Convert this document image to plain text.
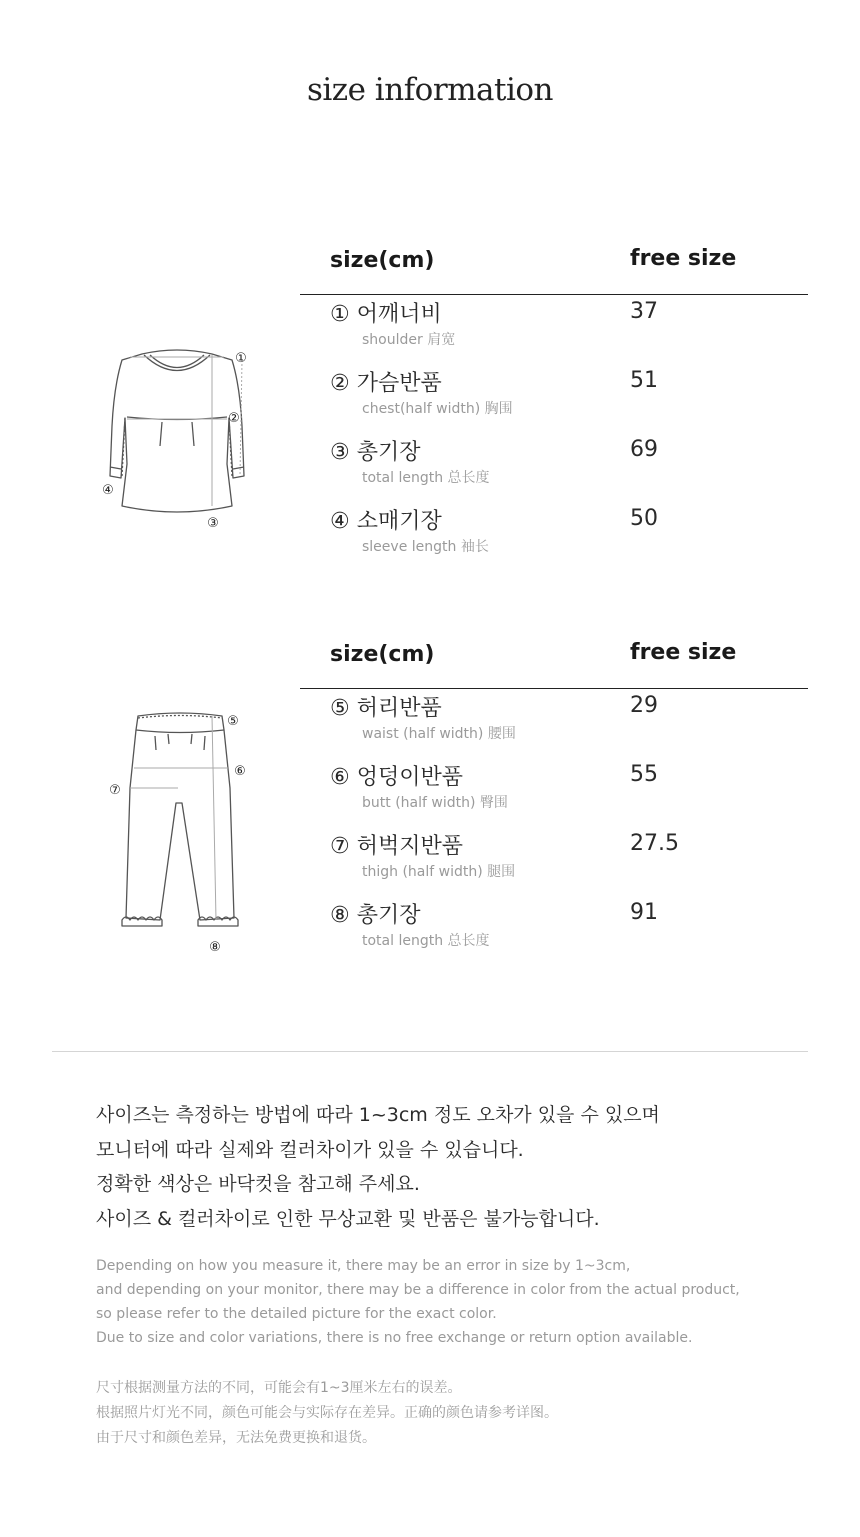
size information
①
②
③
④
size(cm)	free size
① 어깨너비
shoulder 肩宽
37
② 가슴반품
chest(half width) 胸围
51
③ 총기장
total length 总长度
69
④ 소매기장
sleeve length 袖长
50
⑤
⑥
⑦
⑧
size(cm)	free size
⑤ 허리반품
waist (half width) 腰围
29
⑥ 엉덩이반품
butt (half width) 臀围
55
⑦ 허벅지반품
thigh (half width) 腿围
27.5
⑧ 총기장
total length 总长度
91

사이즈는 측정하는 방법에 따라 1~3cm 정도 오차가 있을 수 있으며

모니터에 따라 실제와 컬러차이가 있을 수 있습니다.

정확한 색상은 바닥컷을 참고해 주세요.

사이즈 & 컬러차이로 인한 무상교환 및 반품은 불가능합니다.

Depending on how you measure it, there may be an error in size by 1~3cm,

and depending on your monitor, there may be a difference in color from the actual product,

so please refer to the detailed picture for the exact color.

Due to size and color variations, there is no free exchange or return option available.

尺寸根据测量方法的不同，可能会有1~3厘米左右的误差。

根据照片灯光不同，颜色可能会与实际存在差异。正确的颜色请参考详图。

由于尺寸和颜色差异，无法免费更换和退货。
